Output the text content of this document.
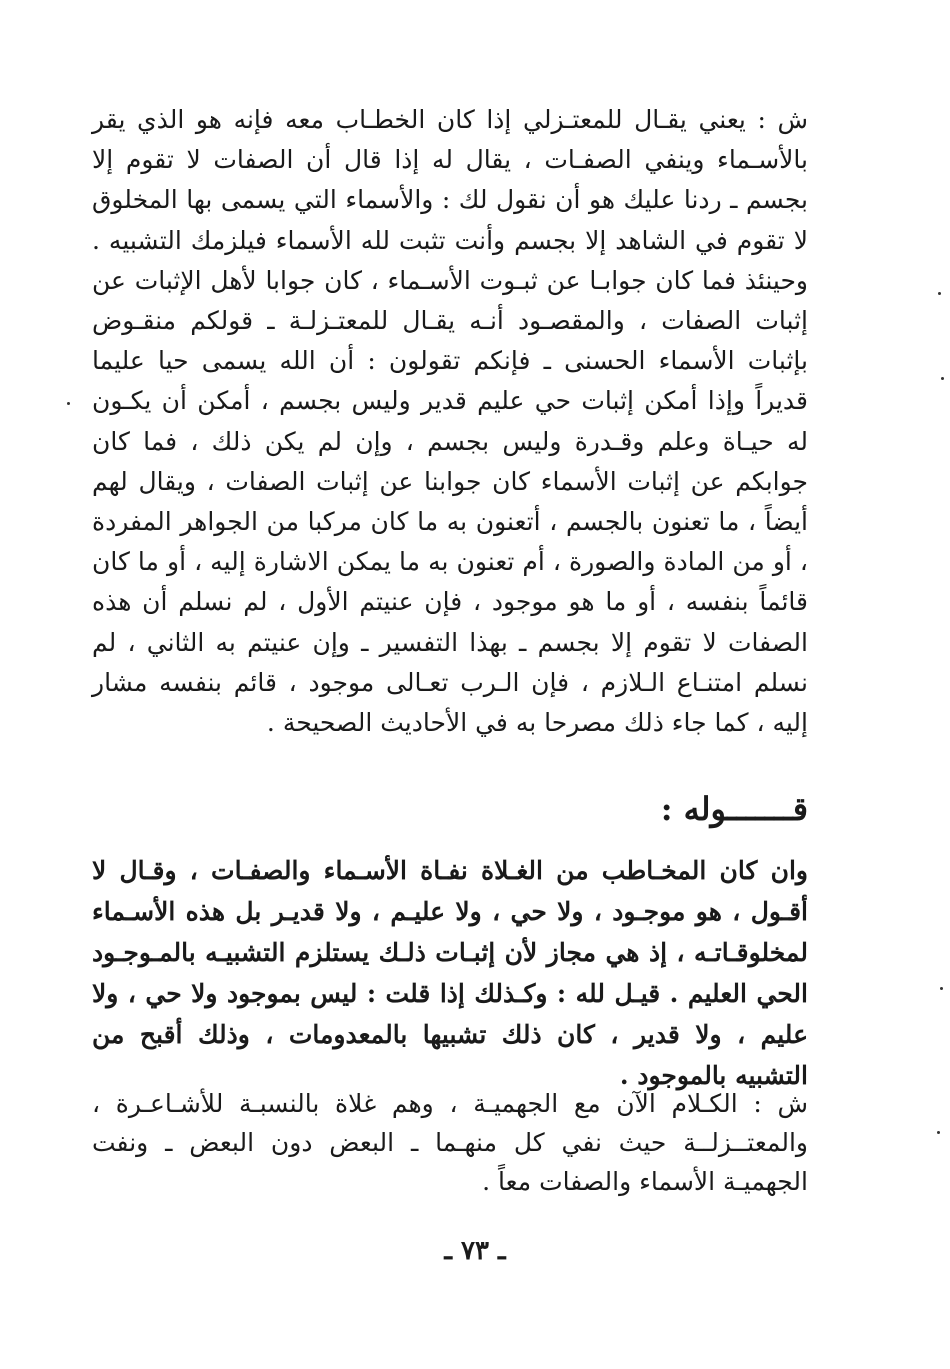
ش : يعني يقـال للمعتـزلي إذا كان الخطـاب معه فإنه هو الذي يقر بالأسـماء وينفي الصفـات ، يقال له إذا قال أن الصفات لا تقوم إلا بجسم ـ ردنا عليك هو أن نقول لك : والأسماء التي يسمى بها المخلوق لا تقوم في الشاهد إلا بجسم وأنت تثبت لله الأسماء فيلزمك التشبيه . وحينئذ فما كان جوابـا عن ثبـوت الأسـماء ، كان جوابا لأهل الإثبات عن إثبات الصفات ، والمقصـود أنـه يقـال للمعتـزلـة ـ قولكم منقـوض بإثبات الأسماء الحسنى ـ فإنكم تقولون : أن الله يسمى حيا عليما قديراً وإذا أمكن إثبات حي عليم قدير وليس بجسم ، أمكن أن يكـون له حيـاة وعلم وقـدرة وليس بجسم ، وإن لم يكن ذلك ، فما كان جوابكم عن إثبات الأسماء كان جوابنا عن إثبات الصفات ، ويقال لهم أيضاً ، ما تعنون بالجسم ، أتعنون به ما كان مركبا من الجواهر المفردة ، أو من المادة والصورة ، أم تعنون به ما يمكن الاشارة إليه ، أو ما كان قائماً بنفسه ، أو ما هو موجود ، فإن عنيتم الأول ، لم نسلم أن هذه الصفات لا تقوم إلا بجسم ـ بهذا التفسير ـ وإن عنيتم به الثاني ، لم نسلم امتنـاع الـلازم ، فإن الـرب تعـالى موجود ، قائم بنفسه مشار إليه ، كما جاء ذلك مصرحا به في الأحاديث الصحيحة .

قـــــــوله :

وان كان المخـاطب من الغـلاة نفـاة الأسـماء والصفـات ، وقـال لا أقـول ، هو موجـود ، ولا حي ، ولا عليـم ، ولا قديـر بل هذه الأسـماء لمخلوقـاتـه ، إذ هي مجاز لأن إثبـات ذلـك يستلزم التشبيـه بالمـوجـود الحي العليم . قيـل لله : وكـذلك إذا قلت : ليس بموجود ولا حي ، ولا عليم ، ولا قدير ، كان ذلك تشبيها بالمعدومات ، وذلك أقبح من التشبيه بالموجود .

ش : الكـلام الآن مع الجهميـة ، وهم غلاة بالنسبـة للأشـاعـرة ، والمعتــزلــة حيث نفي كل منهـما ـ البعض دون البعض ـ ونفت الجهميـة الأسماء والصفات معاً .

ـ ٧٣ ـ
